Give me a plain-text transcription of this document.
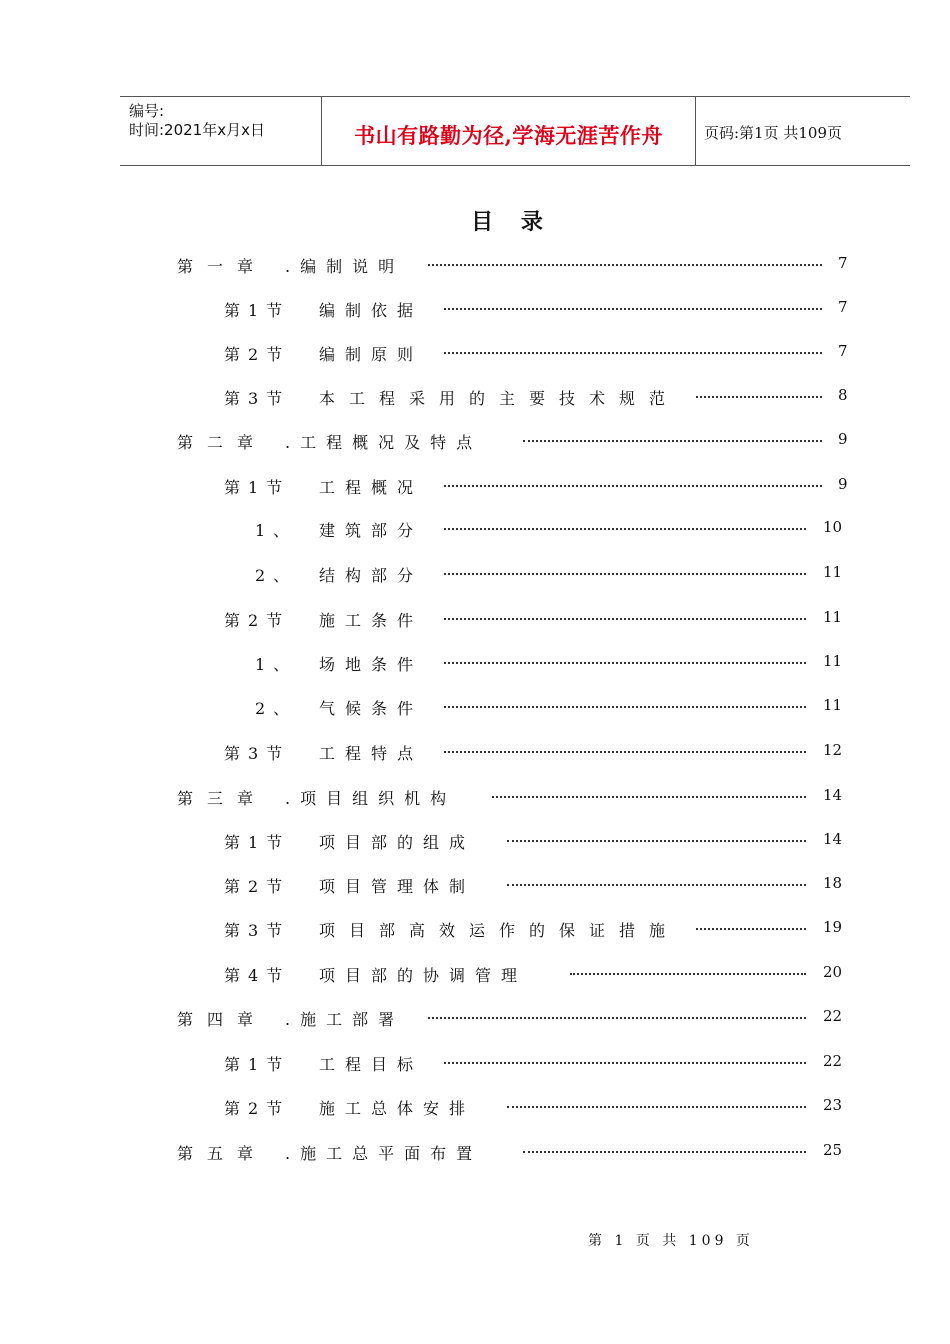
编号:
时间:2021年x月x日	书山有路勤为径,学海无涯苦作舟	页码:第1页 共109页
目 录
第一章 .编制说明	7
第1节 编制依据	7
第2节 编制原则	7
第3节 本工程采用的主要技术规范	8
第二章 .工程概况及特点	9
第1节 工程概况	9
1、 建筑部分	10
2、 结构部分	11
第2节 施工条件	11
1、 场地条件	11
2、 气候条件	11
第3节 工程特点	12
第三章 .项目组织机构	14
第1节 项目部的组成	14
第2节 项目管理体制	18
第3节 项目部高效运作的保证措施	19
第4节 项目部的协调管理	20
第四章 .施工部署	22
第1节 工程目标	22
第2节 施工总体安排	23
第五章 .施工总平面布置	25
第 1 页 共 109 页
